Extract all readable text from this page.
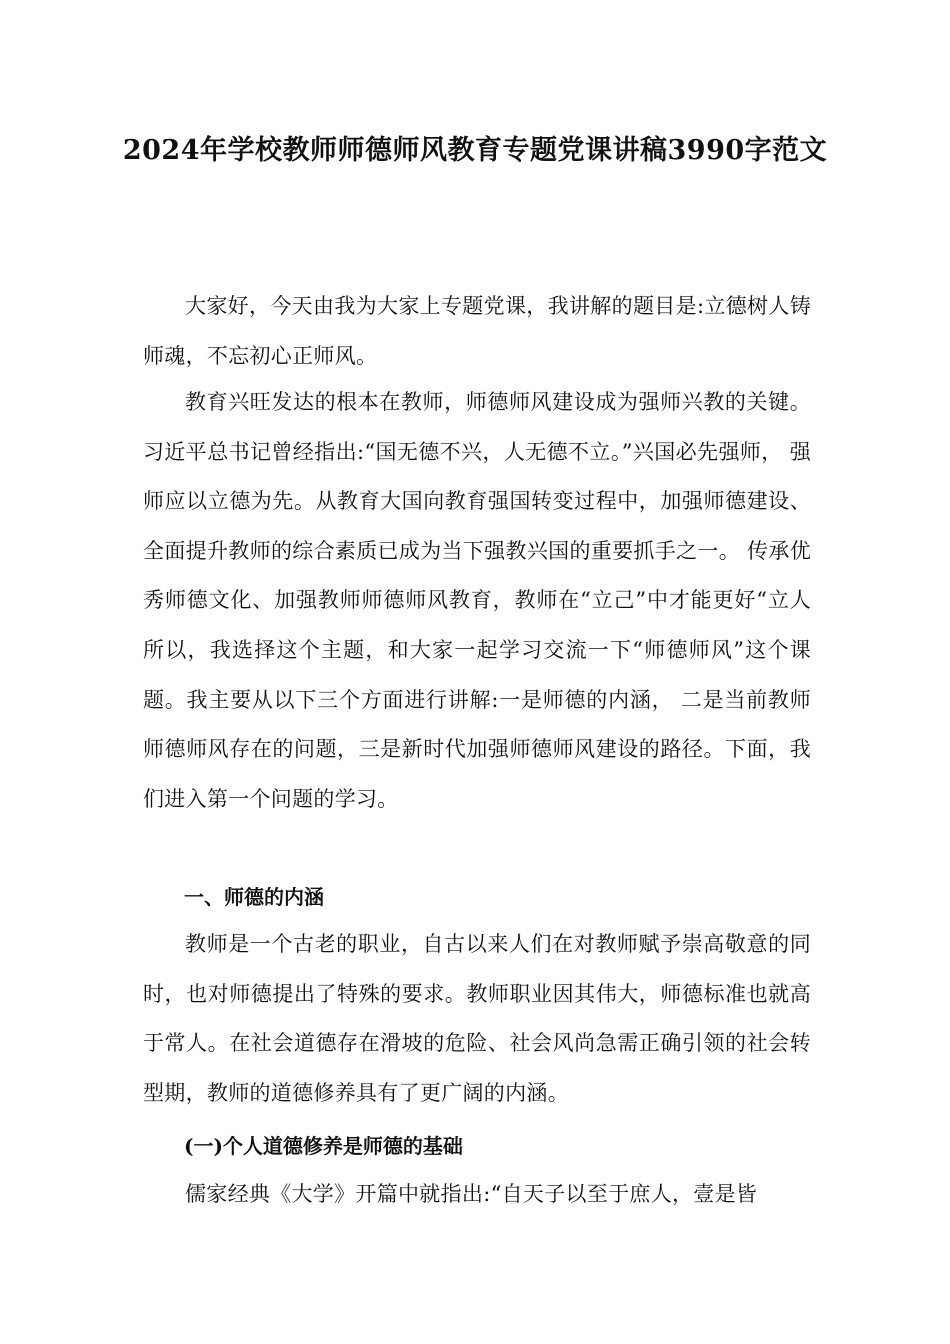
2024年学校教师师德师风教育专题党课讲稿3990字范文
大家好，今天由我为大家上专题党课，我讲解的题目是:立德树人铸师魂，不忘初心正师风。
教育兴旺发达的根本在教师，师德师风建设成为强师兴教的关键。 习近平总书记曾经指出:“国无德不兴，人无德不立。”兴国必先强师， 强师应以立德为先。从教育大国向教育强国转变过程中，加强师德建设、全面提升教师的综合素质已成为当下强教兴国的重要抓手之一。 传承优秀师德文化、加强教师师德师风教育，教师在“立己”中才能更好“立人所以，我选择这个主题，和大家一起学习交流一下“师德师风”这个课题。我主要从以下三个方面进行讲解:一是师德的内涵， 二是当前教师师德师风存在的问题，三是新时代加强师德师风建设的路径。下面，我们进入第一个问题的学习。
一、师德的内涵
教师是一个古老的职业，自古以来人们在对教师赋予崇高敬意的同时，也对师德提出了特殊的要求。教师职业因其伟大，师德标准也就高于常人。在社会道德存在滑坡的危险、社会风尚急需正确引领的社会转型期，教师的道德修养具有了更广阔的内涵。
(一)个人道德修养是师德的基础
儒家经典《大学》开篇中就指出:“自天子以至于庶人，壹是皆
